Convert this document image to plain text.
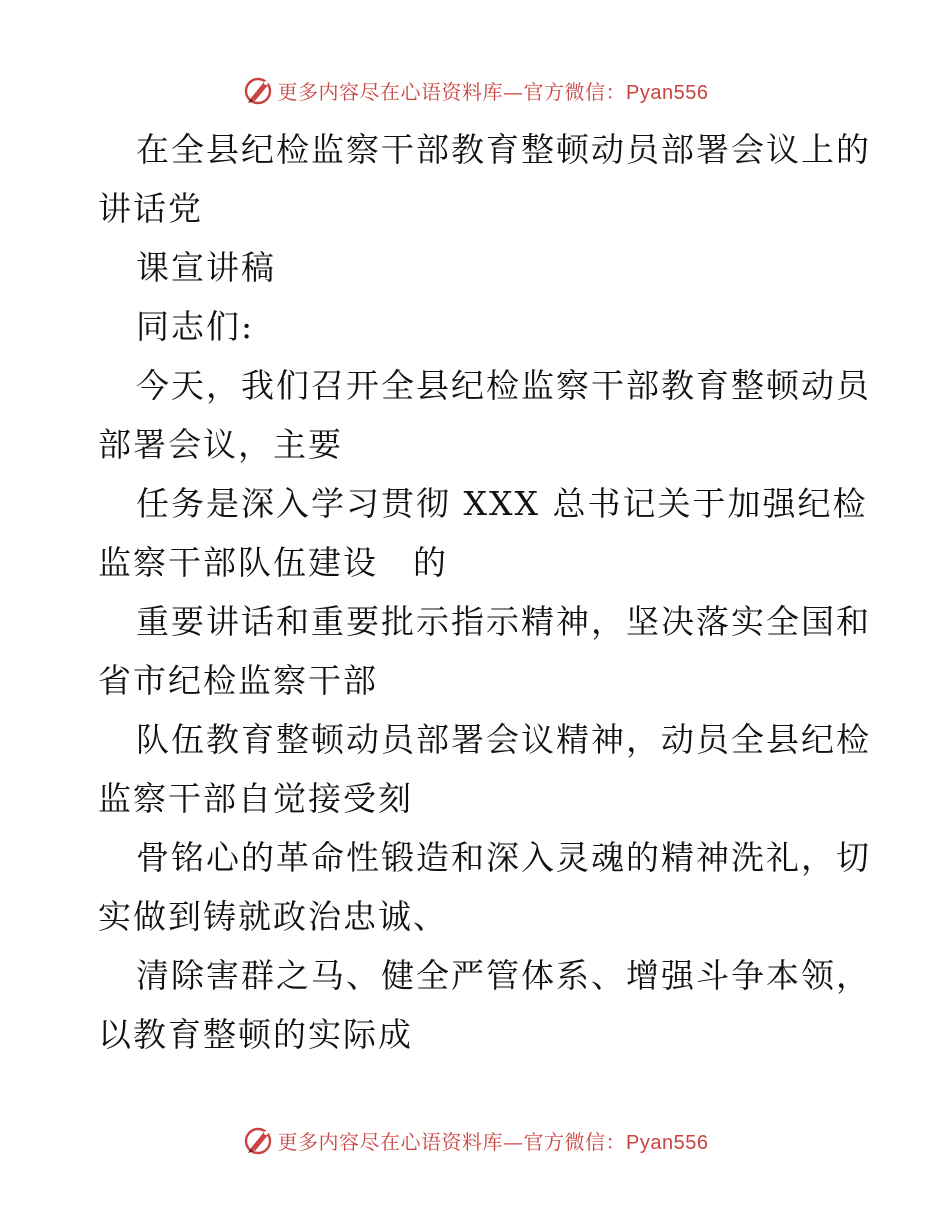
更多内容尽在心语资料库—官方微信：Pyan556
在全县纪检监察干部教育整顿动员部署会议上的
讲话党
课宣讲稿
同志们:
今天，我们召开全县纪检监察干部教育整顿动员
部署会议，主要
任务是深入学习贯彻 XXX 总书记关于加强纪检
监察干部队伍建设　的
重要讲话和重要批示指示精神，坚决落实全国和
省市纪检监察干部
队伍教育整顿动员部署会议精神，动员全县纪检
监察干部自觉接受刻
骨铭心的革命性锻造和深入灵魂的精神洗礼，切
实做到铸就政治忠诚、
清除害群之马、健全严管体系、增强斗争本领，
以教育整顿的实际成
更多内容尽在心语资料库—官方微信：Pyan556
